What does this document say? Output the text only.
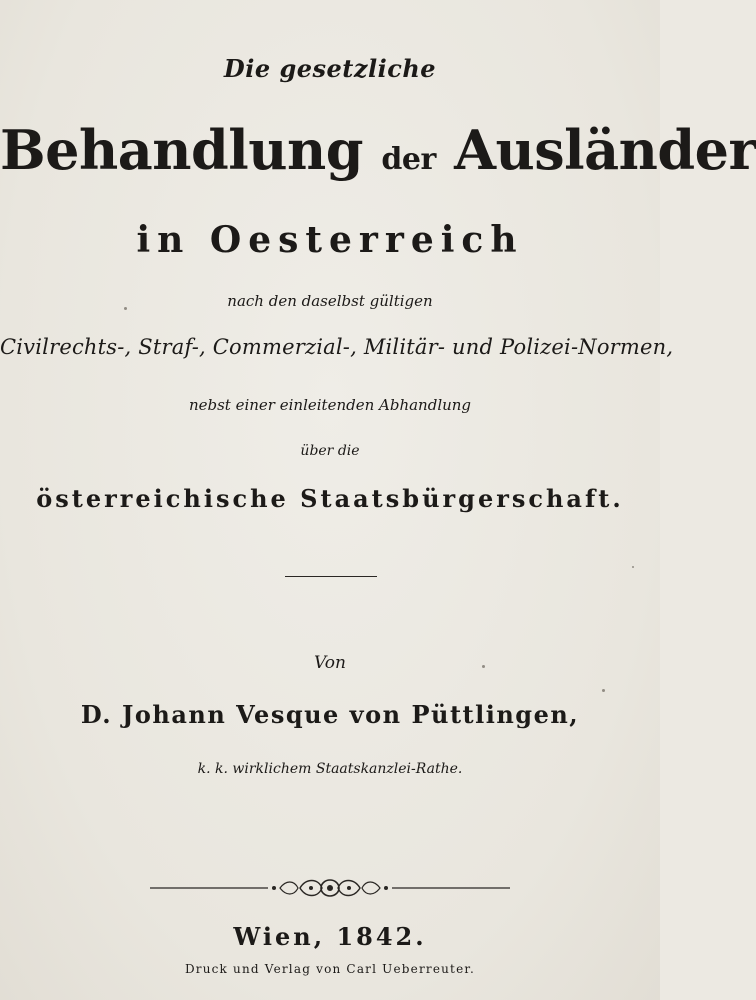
Die gesetzliche
Behandlung der Ausländer
in Oesterreich
nach den daselbst gültigen
Civilrechts-, Straf-, Commerzial-, Militär- und Polizei-Normen,
nebst einer einleitenden Abhandlung
über die
österreichische Staatsbürgerschaft.
Von
D. Johann Vesque von Püttlingen,
k. k. wirklichem Staatskanzlei-Rathe.
Wien, 1842.
Druck und Verlag von Carl Ueberreuter.
